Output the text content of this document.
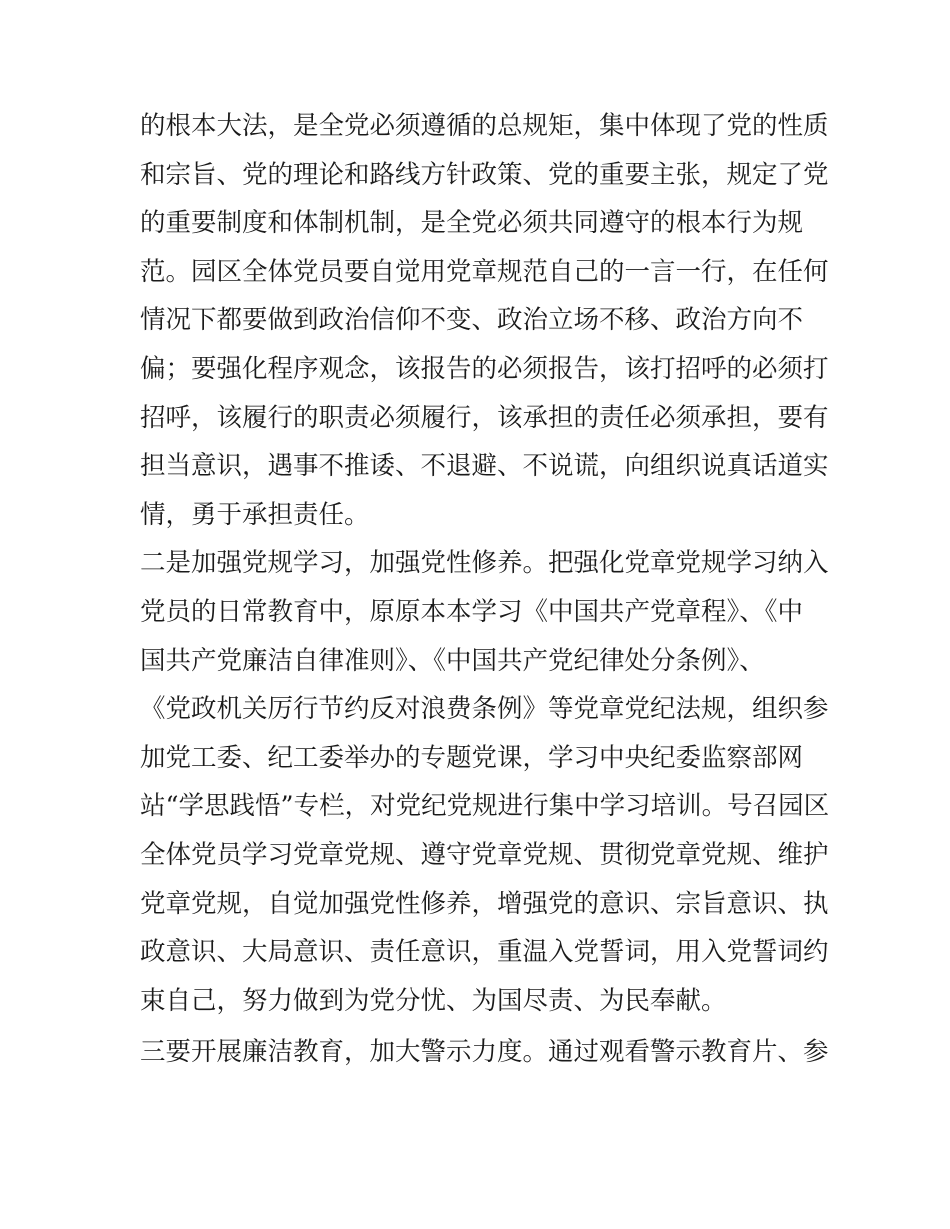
的根本大法，是全党必须遵循的总规矩，集中体现了党的性质
和宗旨、党的理论和路线方针政策、党的重要主张，规定了党
的重要制度和体制机制，是全党必须共同遵守的根本行为规
范。园区全体党员要自觉用党章规范自己的一言一行，在任何
情况下都要做到政治信仰不变、政治立场不移、政治方向不
偏；要强化程序观念，该报告的必须报告，该打招呼的必须打
招呼，该履行的职责必须履行，该承担的责任必须承担，要有
担当意识，遇事不推诿、不退避、不说谎，向组织说真话道实
情，勇于承担责任。
二是加强党规学习，加强党性修养。把强化党章党规学习纳入
党员的日常教育中，原原本本学习《中国共产党章程》、《中
国共产党廉洁自律准则》、《中国共产党纪律处分条例》、
《党政机关厉行节约反对浪费条例》等党章党纪法规，组织参
加党工委、纪工委举办的专题党课，学习中央纪委监察部网
站“学思践悟”专栏，对党纪党规进行集中学习培训。号召园区
全体党员学习党章党规、遵守党章党规、贯彻党章党规、维护
党章党规，自觉加强党性修养，增强党的意识、宗旨意识、执
政意识、大局意识、责任意识，重温入党誓词，用入党誓词约
束自己，努力做到为党分忧、为国尽责、为民奉献。
三要开展廉洁教育，加大警示力度。通过观看警示教育片、参
